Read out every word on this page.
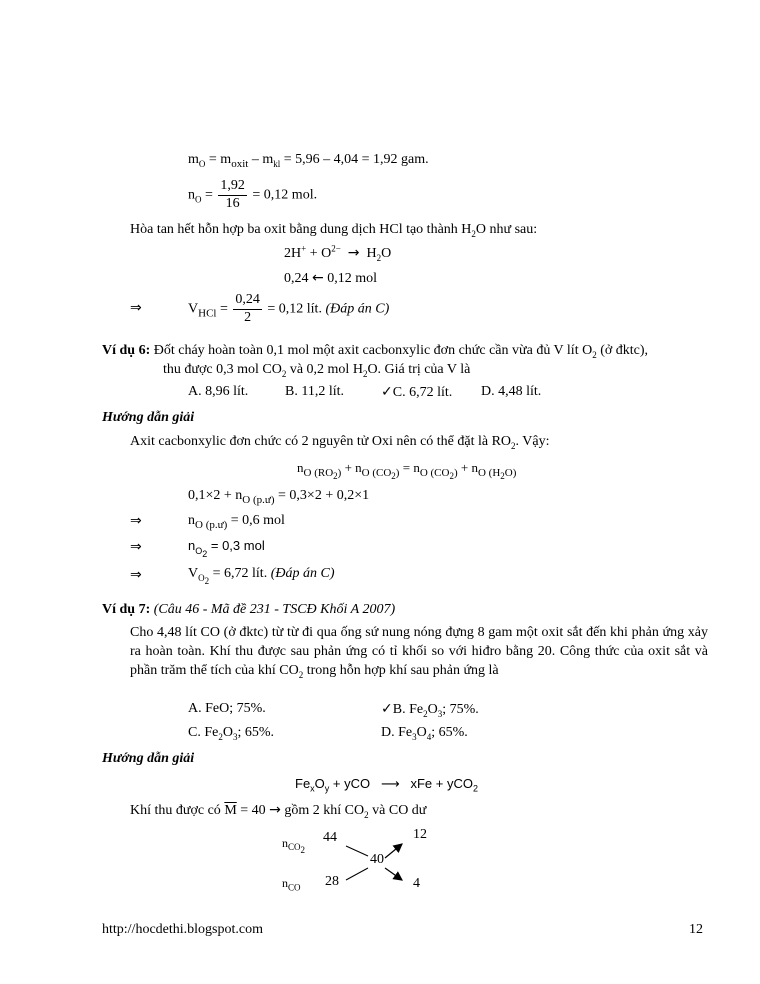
$m_O = m_{oxit} - m_{kl} = 5,96 - 4,04 = 1,92$ gam.
$n_O = \frac{1,92}{16} = 0,12$ mol.
Hòa tan hết hỗn hợp ba oxit bằng dung dịch HCl tạo thành $H_2O$ như sau:
$2H^+ + O^{2-} \to H_2O$
0,24 ← 0,12 mol
⇒	$V_{HCl} = \frac{0,24}{2} = 0,12$ lít. (Đáp án C)
Ví dụ 6: Đốt cháy hoàn toàn 0,1 mol một axit cacbonxylic đơn chức cần vừa đủ V lít $O_2$ (ở đktc),
thu được 0,3 mol $CO_2$ và 0,2 mol $H_2O$. Giá trị của V là
A. 8,96 lít.	B. 11,2 lít.	✓C. 6,72 lít. D. 4,48 lít.
Hướng dẫn giải
Axit cacbonxylic đơn chức có 2 nguyên tử Oxi nên có thể đặt là $RO_2$. Vậy:
$n_{O (RO_2)} + n_{O (CO_2)} = n_{O (CO_2)} + n_{O (H_2O)}$
$0,1\times 2 + n_{O (p.ư)} = 0,3\times 2 + 0,2\times 1$
⇒	$n_{O (p.ư)} = 0,6$ mol
⇒	$n_{O_2} = 0,3$ mol
⇒	$V_{O_2} = 6,72$ lít. (Đáp án C)
Ví dụ 7: (Câu 46 - Mã đề 231 - TSCĐ Khối A 2007)
Cho 4,48 lít CO (ở đktc) từ từ đi qua ống sứ nung nóng đựng 8 gam một oxit sắt đến khi phản ứng xảy ra hoàn toàn. Khí thu được sau phản ứng có tỉ khối so với hiđro bằng 20. Công thức của oxit sắt và phần trăm thể tích của khí $CO_2$ trong hỗn hợp khí sau phản ứng là
A. FeO; 75%.	✓B. $Fe_2O_3$; 75%.
C. $Fe_2O_3$; 65%.	D. $Fe_3O_4$; 65%.
Hướng dẫn giải
$Fe_xO_y$ + yCO ⟶ xFe + yCO$_2$
Khí thu được có $\overline{M} = 40$ → gồm 2 khí $CO_2$ và CO dư
$n_{CO_2}$
44	12
40
$n_{CO}$ 28	4
http://hocdethi.blogspot.com	12
